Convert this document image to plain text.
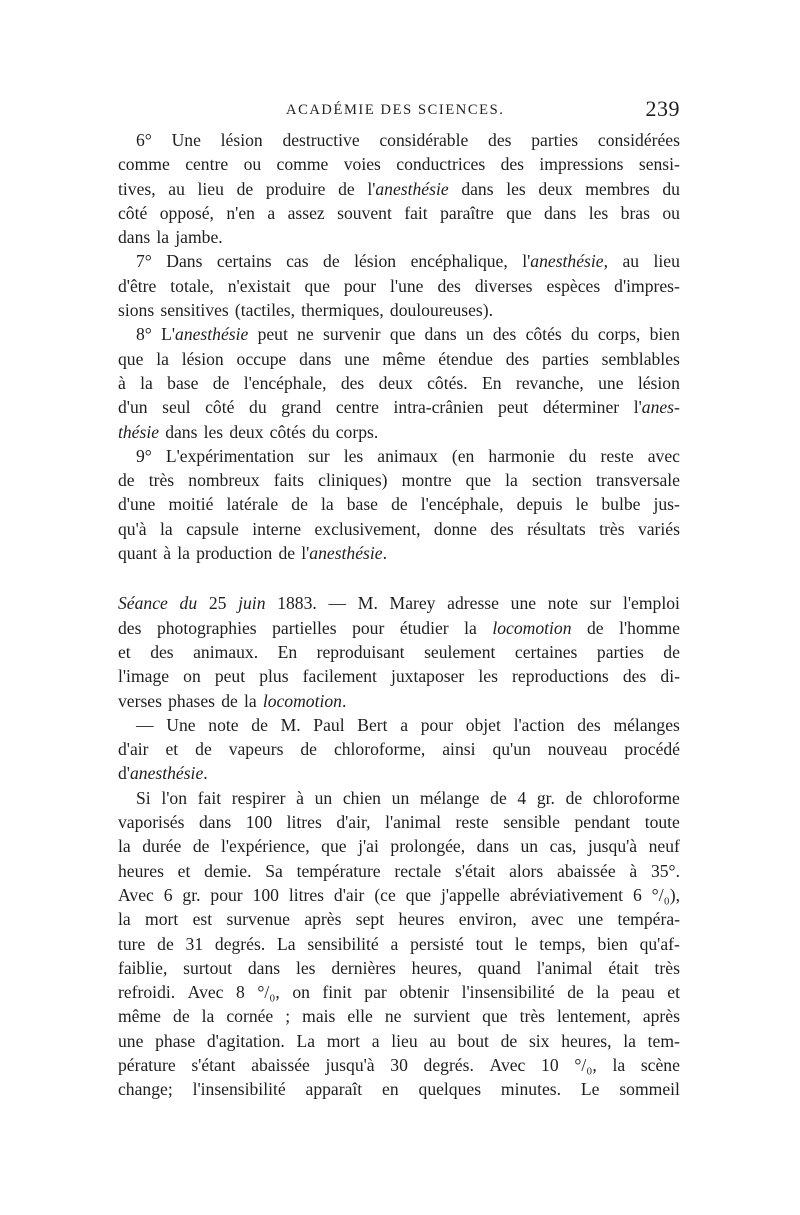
ACADÉMIE DES SCIENCES.	239
6° Une lésion destructive considérable des parties considérées
comme centre ou comme voies conductrices des impressions sensi-
tives, au lieu de produire de l'anesthésie dans les deux membres du
côté opposé, n'en a assez souvent fait paraître que dans les bras ou
dans la jambe.
7° Dans certains cas de lésion encéphalique, l'anesthésie, au lieu
d'être totale, n'existait que pour l'une des diverses espèces d'impres-
sions sensitives (tactiles, thermiques, douloureuses).
8° L'anesthésie peut ne survenir que dans un des côtés du corps, bien
que la lésion occupe dans une même étendue des parties semblables
à la base de l'encéphale, des deux côtés. En revanche, une lésion
d'un seul côté du grand centre intra-crânien peut déterminer l'anes-
thésie dans les deux côtés du corps.
9° L'expérimentation sur les animaux (en harmonie du reste avec
de très nombreux faits cliniques) montre que la section transversale
d'une moitié latérale de la base de l'encéphale, depuis le bulbe jus-
qu'à la capsule interne exclusivement, donne des résultats très variés
quant à la production de l'anesthésie.
Séance du 25 juin 1883. — M. Marey adresse une note sur l'emploi
des photographies partielles pour étudier la locomotion de l'homme
et des animaux. En reproduisant seulement certaines parties de
l'image on peut plus facilement juxtaposer les reproductions des di-
verses phases de la locomotion.
— Une note de M. Paul Bert a pour objet l'action des mélanges
d'air et de vapeurs de chloroforme, ainsi qu'un nouveau procédé
d'anesthésie.
Si l'on fait respirer à un chien un mélange de 4 gr. de chloroforme
vaporisés dans 100 litres d'air, l'animal reste sensible pendant toute
la durée de l'expérience, que j'ai prolongée, dans un cas, jusqu'à neuf
heures et demie. Sa température rectale s'était alors abaissée à 35°.
Avec 6 gr. pour 100 litres d'air (ce que j'appelle abréviativement 6 °/₀),
la mort est survenue après sept heures environ, avec une tempéra-
ture de 31 degrés. La sensibilité a persisté tout le temps, bien qu'af-
faiblie, surtout dans les dernières heures, quand l'animal était très
refroidi. Avec 8 °/₀, on finit par obtenir l'insensibilité de la peau et
même de la cornée ; mais elle ne survient que très lentement, après
une phase d'agitation. La mort a lieu au bout de six heures, la tem-
pérature s'étant abaissée jusqu'à 30 degrés. Avec 10 °/₀, la scène
change; l'insensibilité apparaît en quelques minutes. Le sommeil
